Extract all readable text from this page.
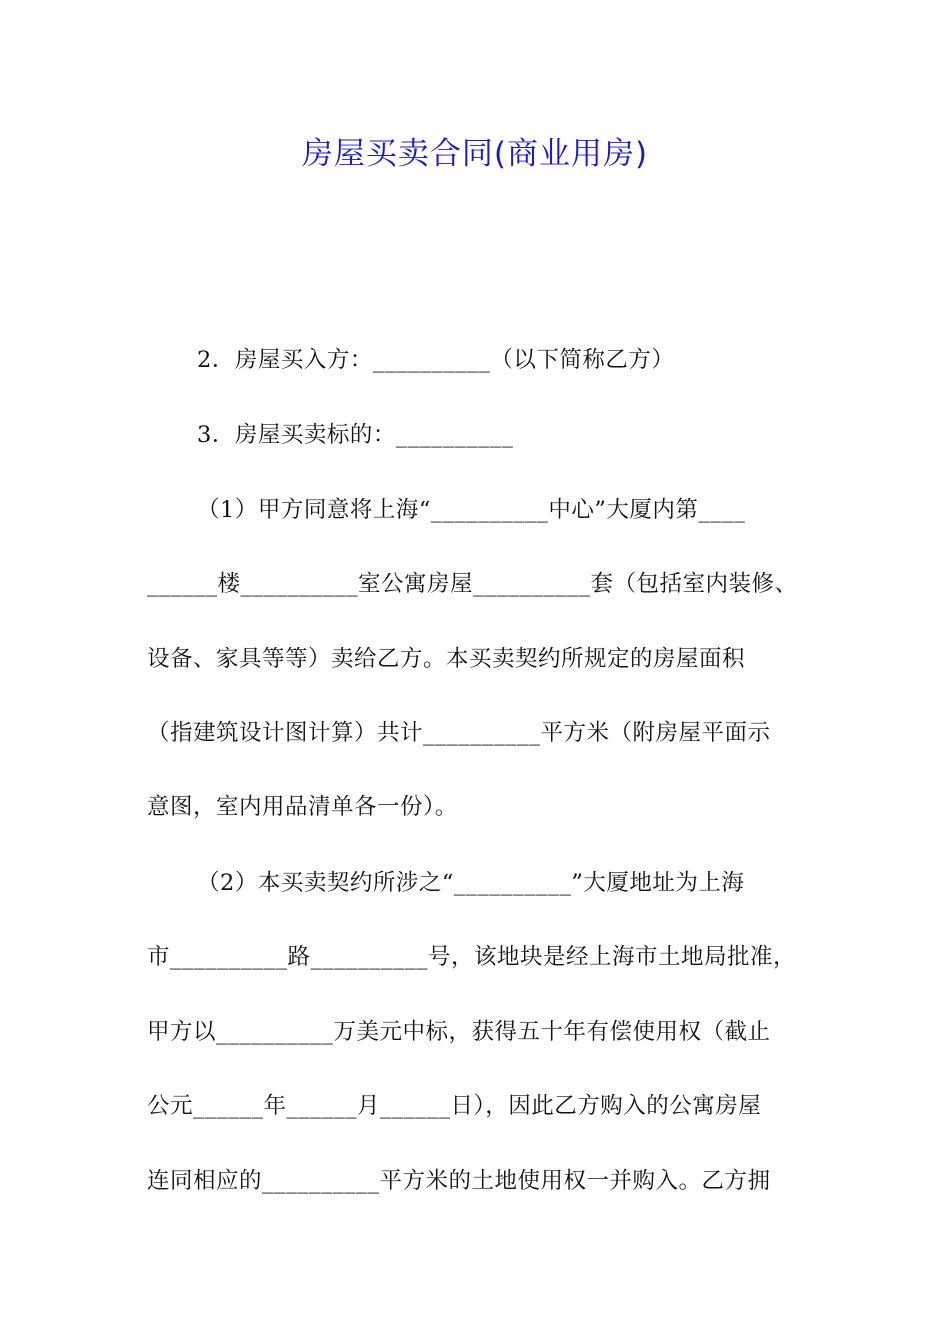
房屋买卖合同(商业用房)
2．房屋买入方：__________（以下简称乙方）
3．房屋买卖标的：__________
（1）甲方同意将上海“__________中心”大厦内第____
______楼__________室公寓房屋__________套（包括室内装修、
设备、家具等等）卖给乙方。本买卖契约所规定的房屋面积
（指建筑设计图计算）共计__________平方米（附房屋平面示
意图，室内用品清单各一份）。
（2）本买卖契约所涉之“__________”大厦地址为上海
市__________路__________号，该地块是经上海市土地局批准，
甲方以__________万美元中标，获得五十年有偿使用权（截止
公元______年______月______日），因此乙方购入的公寓房屋
连同相应的__________平方米的土地使用权一并购入。乙方拥
